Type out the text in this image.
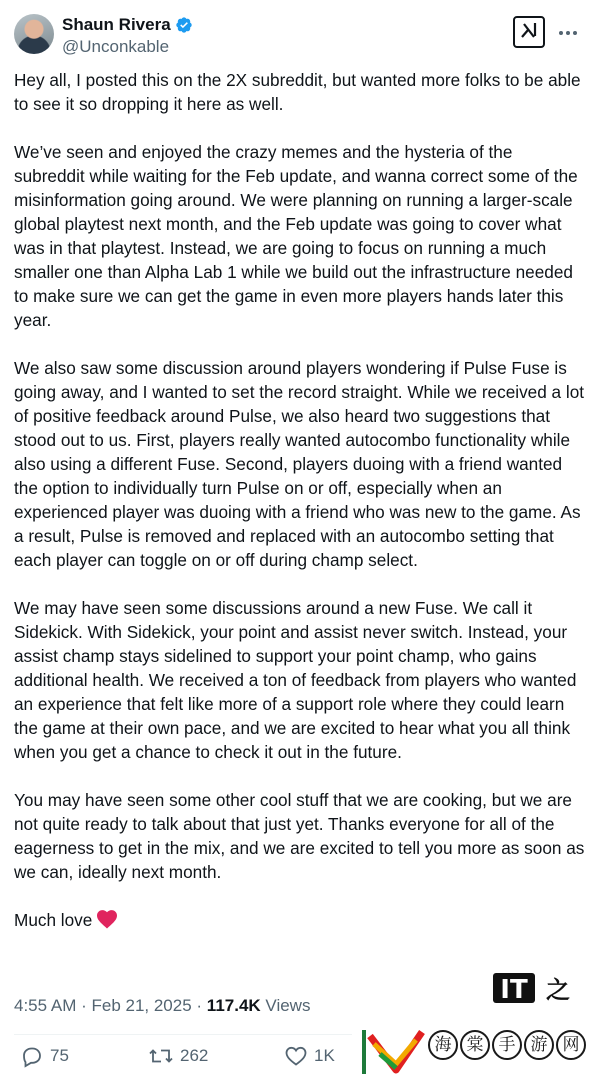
Shaun Rivera
@Unconkable

Hey all, I posted this on the 2X subreddit, but wanted more folks to be able to see it so dropping it here as well.

We’ve seen and enjoyed the crazy memes and the hysteria of the subreddit while waiting for the Feb update, and wanna correct some of the misinformation going around. We were planning on running a larger-scale global playtest next month, and the Feb update was going to cover what was in that playtest. Instead, we are going to focus on running a much smaller one than Alpha Lab 1 while we build out the infrastructure needed to make sure we can get the game in even more players hands later this year.

We also saw some discussion around players wondering if Pulse Fuse is going away, and I wanted to set the record straight. While we received a lot of positive feedback around Pulse, we also heard two suggestions that stood out to us. First, players really wanted autocombo functionality while also using a different Fuse. Second, players duoing with a friend wanted the option to individually turn Pulse on or off, especially when an experienced player was duoing with a friend who was new to the game. As a result, Pulse is removed and replaced with an autocombo setting that each player can toggle on or off during champ select.

We may have seen some discussions around a new Fuse. We call it Sidekick. With Sidekick, your point and assist never switch. Instead, your assist champ stays sidelined to support your point champ, who gains additional health. We received a ton of feedback from players who wanted an experience that felt like more of a support role where they could learn the game at their own pace, and we are excited to hear what you all think when you get a chance to check it out in the future.

You may have seen some other cool stuff that we are cooking, but we are not quite ready to talk about that just yet. Thanks everyone for all of the eagerness to get in the mix, and we are excited to tell you more as soon as we can, ideally next month.

Much love

4:55 AM · Feb 21, 2025 · 117.4K Views
75	262	1K
IT 之
海 棠 手 游 网
